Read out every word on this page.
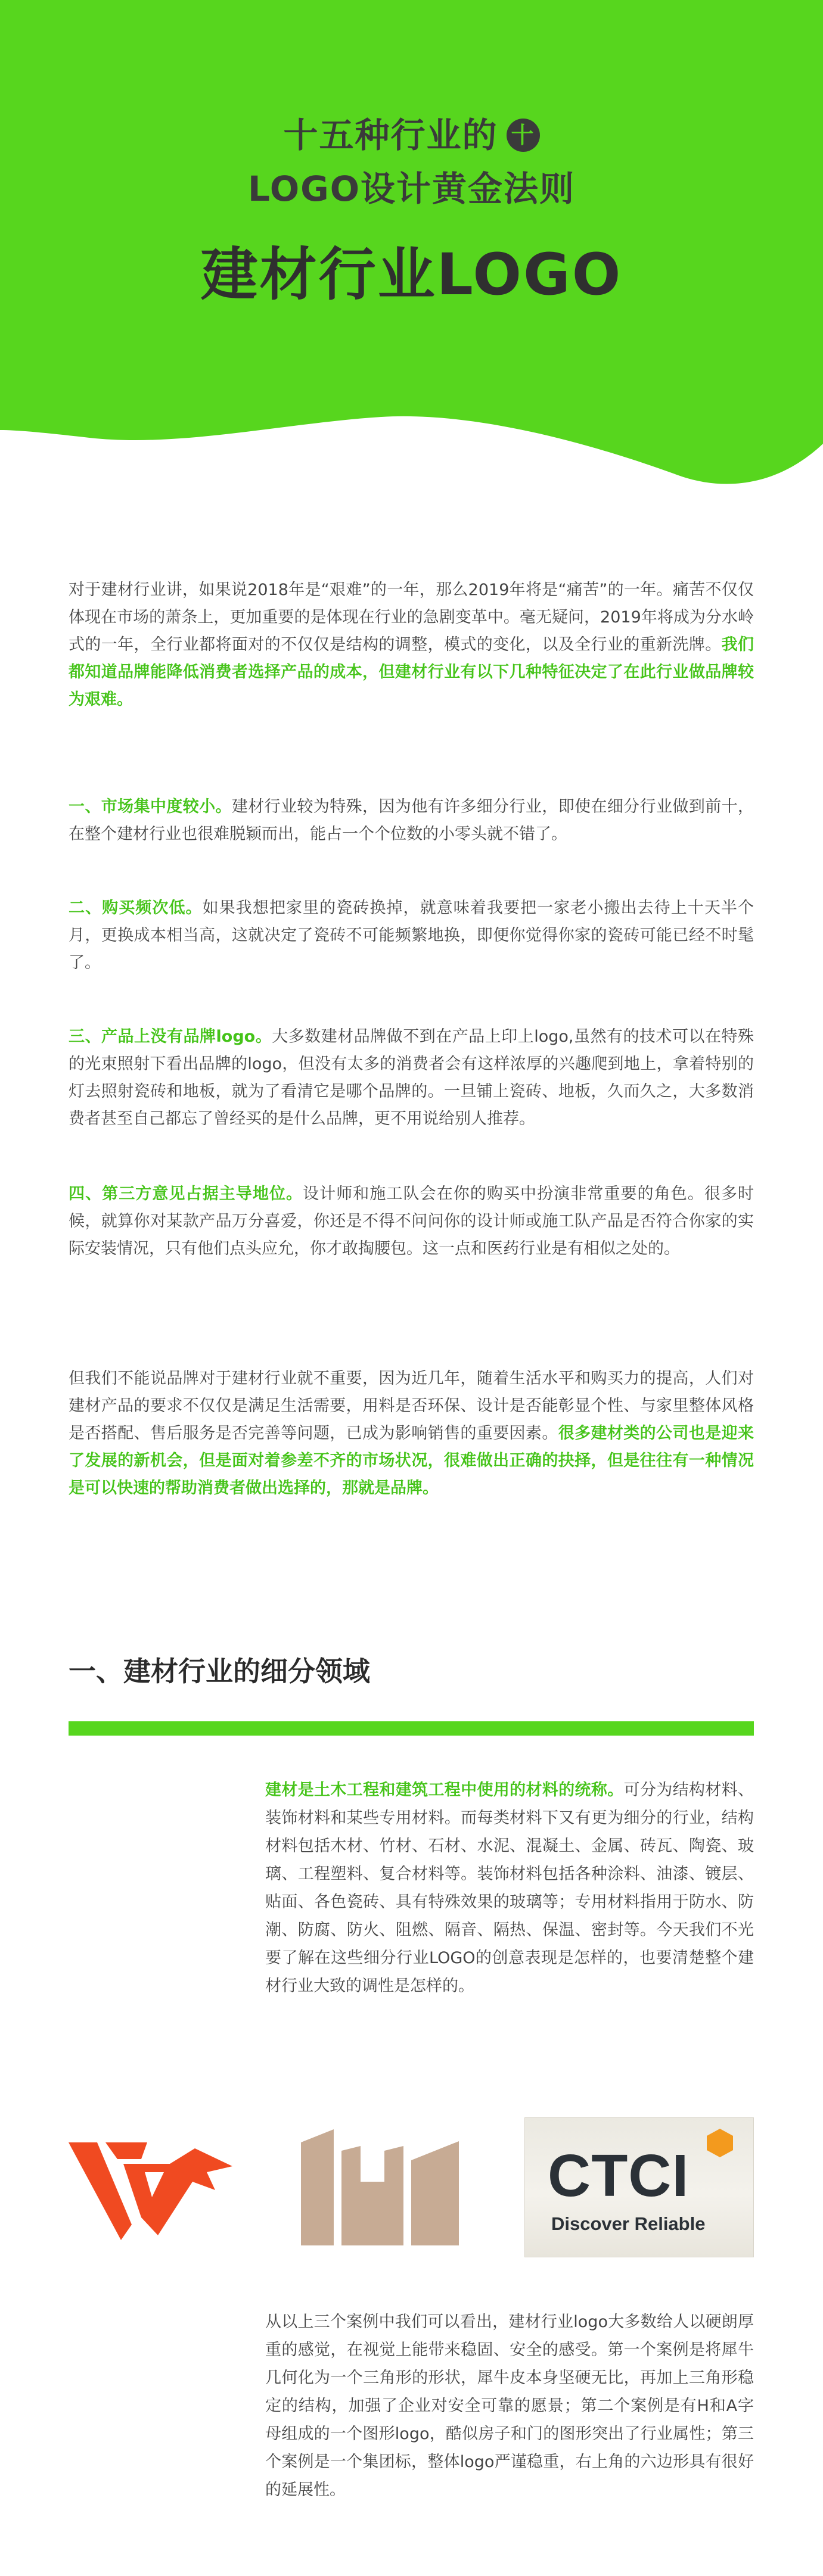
十五种行业的 十
LOGO设计黄金法则
建材行业LOGO

对于建材行业讲，如果说2018年是“艰难”的一年，那么2019年将是“痛苦”的一年。痛苦不仅仅体现在市场的萧条上，更加重要的是体现在行业的急剧变革中。毫无疑问，2019年将成为分水岭式的一年，全行业都将面对的不仅仅是结构的调整，模式的变化，以及全行业的重新洗牌。我们都知道品牌能降低消费者选择产品的成本，但建材行业有以下几种特征决定了在此行业做品牌较为艰难。

一、市场集中度较小。建材行业较为特殊，因为他有许多细分行业，即使在细分行业做到前十，在整个建材行业也很难脱颖而出，能占一个个位数的小零头就不错了。

二、购买频次低。如果我想把家里的瓷砖换掉，就意味着我要把一家老小搬出去待上十天半个月，更换成本相当高，这就决定了瓷砖不可能频繁地换，即便你觉得你家的瓷砖可能已经不时髦了。

三、产品上没有品牌logo。大多数建材品牌做不到在产品上印上logo,虽然有的技术可以在特殊的光束照射下看出品牌的logo，但没有太多的消费者会有这样浓厚的兴趣爬到地上，拿着特别的灯去照射瓷砖和地板，就为了看清它是哪个品牌的。一旦铺上瓷砖、地板，久而久之，大多数消费者甚至自己都忘了曾经买的是什么品牌，更不用说给别人推荐。

四、第三方意见占据主导地位。设计师和施工队会在你的购买中扮演非常重要的角色。很多时候，就算你对某款产品万分喜爱，你还是不得不问问你的设计师或施工队产品是否符合你家的实际安装情况，只有他们点头应允，你才敢掏腰包。这一点和医药行业是有相似之处的。

但我们不能说品牌对于建材行业就不重要，因为近几年，随着生活水平和购买力的提高，人们对建材产品的要求不仅仅是满足生活需要，用料是否环保、设计是否能彰显个性、与家里整体风格是否搭配、售后服务是否完善等问题，已成为影响销售的重要因素。很多建材类的公司也是迎来了发展的新机会，但是面对着参差不齐的市场状况，很难做出正确的抉择，但是往往有一种情况是可以快速的帮助消费者做出选择的，那就是品牌。

一、建材行业的细分领域

建材是土木工程和建筑工程中使用的材料的统称。可分为结构材料、装饰材料和某些专用材料。而每类材料下又有更为细分的行业，结构材料包括木材、竹材、石材、水泥、混凝土、金属、砖瓦、陶瓷、玻璃、工程塑料、复合材料等。装饰材料包括各种涂料、油漆、镀层、贴面、各色瓷砖、具有特殊效果的玻璃等；专用材料指用于防水、防潮、防腐、防火、阻燃、隔音、隔热、保温、密封等。今天我们不光要了解在这些细分行业LOGO的创意表现是怎样的，也要清楚整个建材行业大致的调性是怎样的。

CTCI
Discover Reliable

从以上三个案例中我们可以看出，建材行业logo大多数给人以硬朗厚重的感觉，在视觉上能带来稳固、安全的感受。第一个案例是将犀牛几何化为一个三角形的形状，犀牛皮本身坚硬无比，再加上三角形稳定的结构，加强了企业对安全可靠的愿景；第二个案例是有H和A字母组成的一个图形logo，酷似房子和门的图形突出了行业属性；第三个案例是一个集团标，整体logo严谨稳重，右上角的六边形具有很好的延展性。
